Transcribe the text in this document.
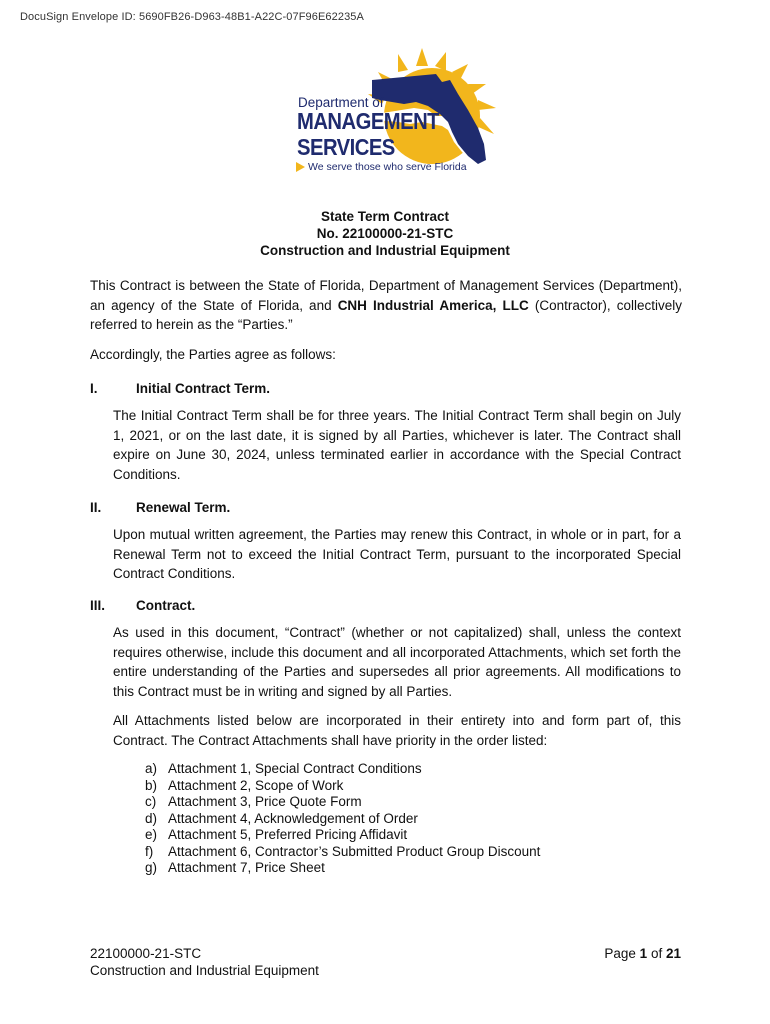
DocuSign Envelope ID: 5690FB26-D963-48B1-A22C-07F96E62235A
Department of
MANAGEMENT
SERVICES
We serve those who serve Florida
State Term Contract
No. 22100000-21-STC
Construction and Industrial Equipment
This Contract is between the State of Florida, Department of Management Services (Department), an agency of the State of Florida, and CNH Industrial America, LLC (Contractor), collectively referred to herein as the “Parties.”
Accordingly, the Parties agree as follows:
I.	Initial Contract Term.
The Initial Contract Term shall be for three years. The Initial Contract Term shall begin on July 1, 2021, or on the last date, it is signed by all Parties, whichever is later. The Contract shall expire on June 30, 2024, unless terminated earlier in accordance with the Special Contract Conditions.
II.	Renewal Term.
Upon mutual written agreement, the Parties may renew this Contract, in whole or in part, for a Renewal Term not to exceed the Initial Contract Term, pursuant to the incorporated Special Contract Conditions.
III. Contract.
As used in this document, “Contract” (whether or not capitalized) shall, unless the context requires otherwise, include this document and all incorporated Attachments, which set forth the entire understanding of the Parties and supersedes all prior agreements. All modifications to this Contract must be in writing and signed by all Parties.
All Attachments listed below are incorporated in their entirety into and form part of, this Contract. The Contract Attachments shall have priority in the order listed:
a) Attachment 1, Special Contract Conditions
b) Attachment 2, Scope of Work
c) Attachment 3, Price Quote Form
d) Attachment 4, Acknowledgement of Order
e) Attachment 5, Preferred Pricing Affidavit
f) Attachment 6, Contractor’s Submitted Product Group Discount
g) Attachment 7, Price Sheet
22100000-21-STC
Construction and Industrial Equipment
Page 1 of 21
